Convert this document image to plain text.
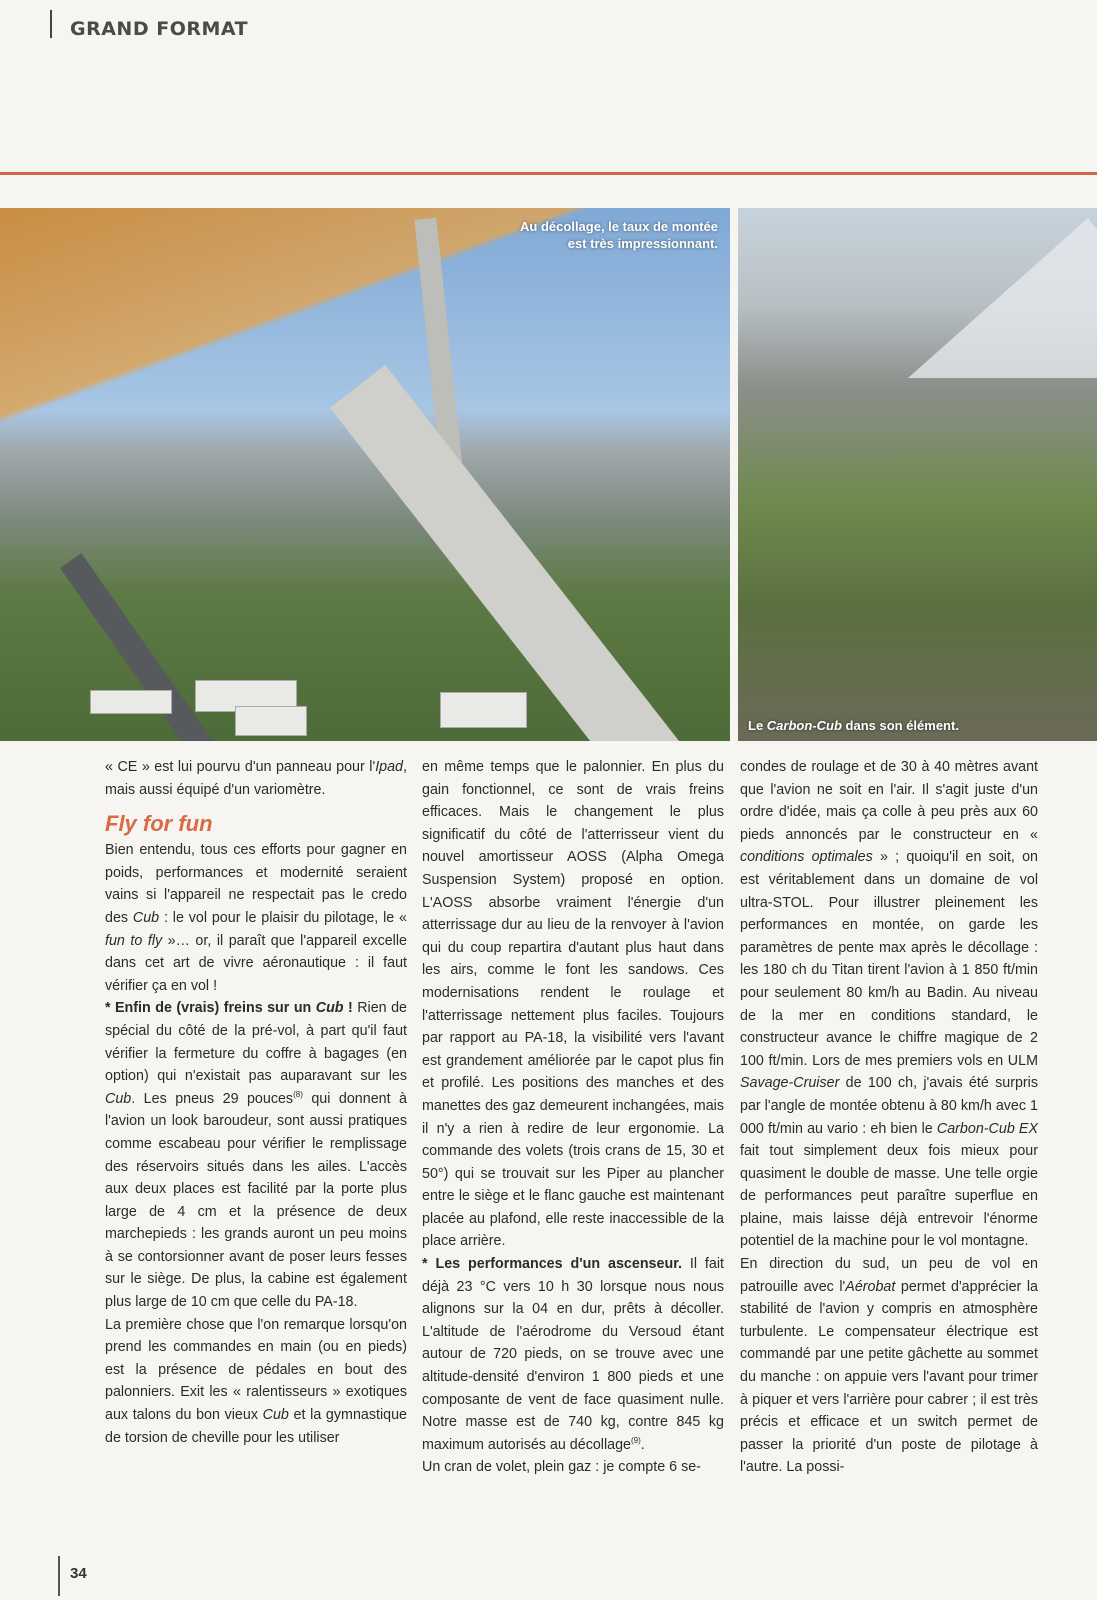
GRAND FORMAT
Au décollage, le taux de montée
est très impressionnant.
Le Carbon-Cub dans son élément.

« CE » est lui pourvu d'un panneau pour l'Ipad, mais aussi équipé d'un variomètre.

Fly for fun

Bien entendu, tous ces efforts pour gagner en poids, performances et modernité seraient vains si l'appareil ne respectait pas le credo des Cub : le vol pour le plaisir du pilotage, le « fun to fly »… or, il paraît que l'appareil excelle dans cet art de vivre aéronautique : il faut vérifier ça en vol !

* Enfin de (vrais) freins sur un Cub ! Rien de spécial du côté de la pré-vol, à part qu'il faut vérifier la fermeture du coffre à bagages (en option) qui n'existait pas auparavant sur les Cub. Les pneus 29 pouces$^{(8)}$ qui donnent à l'avion un look baroudeur, sont aussi pratiques comme escabeau pour vérifier le remplissage des réservoirs situés dans les ailes. L'accès aux deux places est facilité par la porte plus large de 4 cm et la présence de deux marchepieds : les grands auront un peu moins à se contorsionner avant de poser leurs fesses sur le siège. De plus, la cabine est également plus large de 10 cm que celle du PA-18.

La première chose que l'on remarque lorsqu'on prend les commandes en main (ou en pieds) est la présence de pédales en bout des palonniers. Exit les « ralentisseurs » exotiques aux talons du bon vieux Cub et la gymnastique de torsion de cheville pour les utiliser

en même temps que le palonnier. En plus du gain fonctionnel, ce sont de vrais freins efficaces. Mais le changement le plus significatif du côté de l'atterrisseur vient du nouvel amortisseur AOSS (Alpha Omega Suspension System) proposé en option. L'AOSS absorbe vraiment l'énergie d'un atterrissage dur au lieu de la renvoyer à l'avion qui du coup repartira d'autant plus haut dans les airs, comme le font les sandows. Ces modernisations rendent le roulage et l'atterrissage nettement plus faciles. Toujours par rapport au PA-18, la visibilité vers l'avant est grandement améliorée par le capot plus fin et profilé. Les positions des manches et des manettes des gaz demeurent inchangées, mais il n'y a rien à redire de leur ergonomie. La commande des volets (trois crans de 15, 30 et 50°) qui se trouvait sur les Piper au plancher entre le siège et le flanc gauche est maintenant placée au plafond, elle reste inaccessible de la place arrière.

* Les performances d'un ascenseur. Il fait déjà 23 °C vers 10 h 30 lorsque nous nous alignons sur la 04 en dur, prêts à décoller. L'altitude de l'aérodrome du Versoud étant autour de 720 pieds, on se trouve avec une altitude-densité d'environ 1 800 pieds et une composante de vent de face quasiment nulle. Notre masse est de 740 kg, contre 845 kg maximum autorisés au décollage$^{(9)}$.

Un cran de volet, plein gaz : je compte 6 se-

condes de roulage et de 30 à 40 mètres avant que l'avion ne soit en l'air. Il s'agit juste d'un ordre d'idée, mais ça colle à peu près aux 60 pieds annoncés par le constructeur en « conditions optimales » ; quoiqu'il en soit, on est véritablement dans un domaine de vol ultra-STOL. Pour illustrer pleinement les performances en montée, on garde les paramètres de pente max après le décollage : les 180 ch du Titan tirent l'avion à 1 850 ft/min pour seulement 80 km/h au Badin. Au niveau de la mer en conditions standard, le constructeur avance le chiffre magique de 2 100 ft/min. Lors de mes premiers vols en ULM Savage-Cruiser de 100 ch, j'avais été surpris par l'angle de montée obtenu à 80 km/h avec 1 000 ft/min au vario : eh bien le Carbon-Cub EX fait tout simplement deux fois mieux pour quasiment le double de masse. Une telle orgie de performances peut paraître superflue en plaine, mais laisse déjà entrevoir l'énorme potentiel de la machine pour le vol montagne.

En direction du sud, un peu de vol en patrouille avec l'Aérobat permet d'apprécier la stabilité de l'avion y compris en atmosphère turbulente. Le compensateur électrique est commandé par une petite gâchette au sommet du manche : on appuie vers l'avant pour trimer à piquer et vers l'arrière pour cabrer ; il est très précis et efficace et un switch permet de passer la priorité d'un poste de pilotage à l'autre. La possi-

34
